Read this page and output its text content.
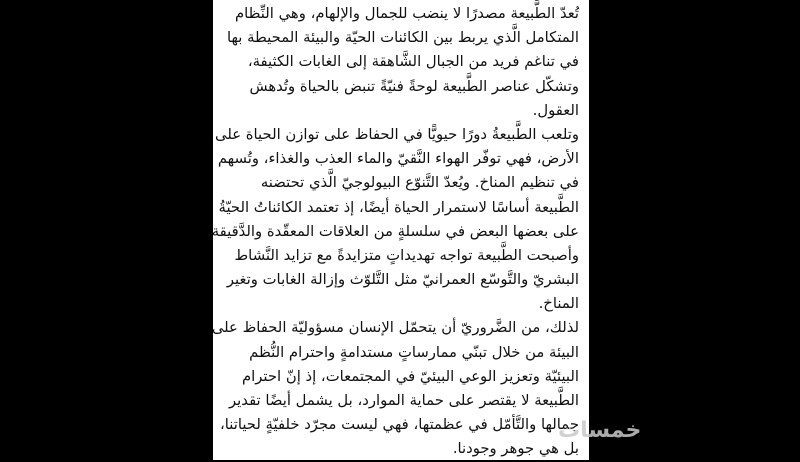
تُعدّ الطَّبيعة مصدرًا لا ينضب للجمال والإلهام، وهي النِّظام
المتكامل الَّذي يربط بين الكائنات الحيّة والبيئة المحيطة بها
في تناغم فريد من الجبال الشَّاهقة إلى الغابات الكثيفة،
وتشكّل عناصر الطَّبيعة لوحةً فنيّةً تنبض بالحياة وتُدهش
العقول.
وتلعب الطَّبيعةُ دورًا حيويًّا في الحفاظ على توازن الحياة على
الأرض، فهي توفّر الهواء النَّقيّ والماء العذب والغذاء، وتُسهم
في تنظيم المناخ. ويُعدّ التَّنوّع البيولوجيّ الَّذي تحتضنه
الطَّبيعة أساسًا لاستمرار الحياة أيضًا، إذ تعتمد الكائناتُ الحيّةُ
على بعضها البعض في سلسلةٍ من العلاقات المعقّدة والدَّقيقة.
وأصبحت الطَّبيعة تواجه تهديداتٍ متزايدةً مع تزايد النَّشاط
البشريّ والتَّوسّع العمرانيّ مثل التَّلوّث وإزالة الغابات وتغير
المناخ.
لذلك، من الضَّروريّ أن يتحمّل الإنسان مسؤوليّة الحفاظ على
البيئة من خلال تبنّي ممارساتٍ مستدامةٍ واحترام النُّظم
البيئيّة وتعزيز الوعي البيئيّ في المجتمعات، إذ إنّ احترام
الطَّبيعة لا يقتصر على حماية الموارد، بل يشمل أيضًا تقدير
جمالها والتَّأمّل في عظمتها، فهي ليست مجرّد خلفيّةٍ لحياتنا،
بل هي جوهر وجودنا.
خمسات
